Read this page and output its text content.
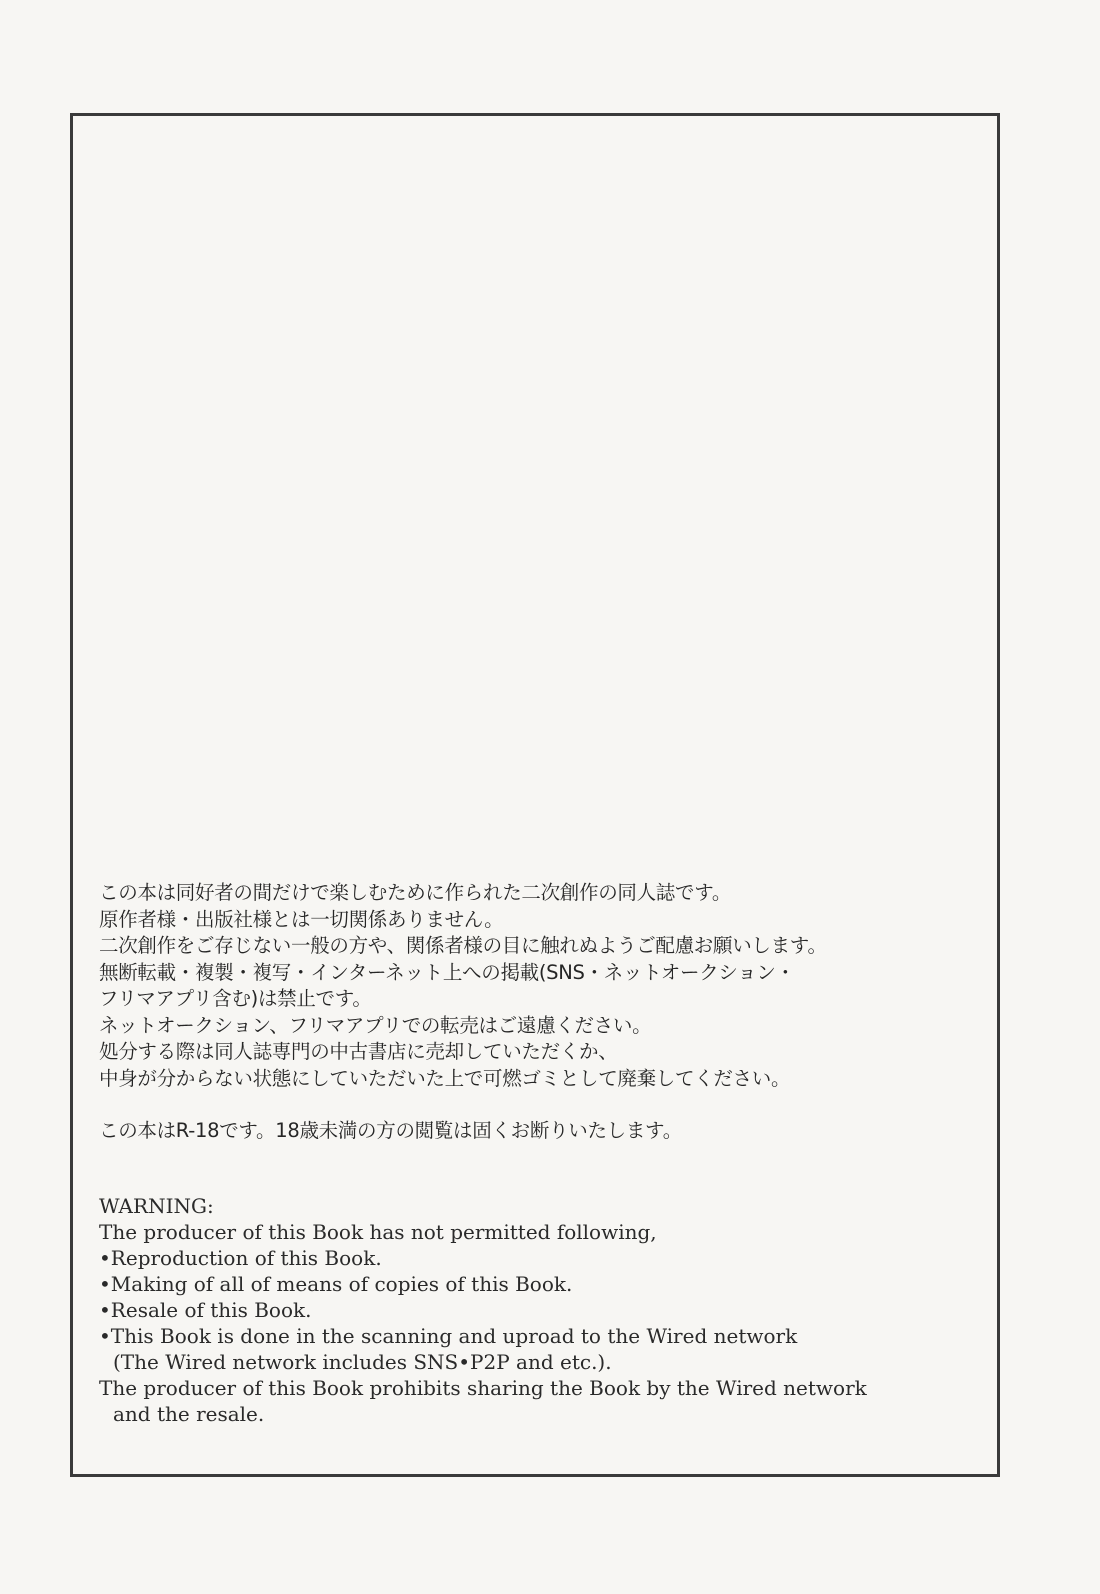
この本は同好者の間だけで楽しむために作られた二次創作の同人誌です。
原作者様・出版社様とは一切関係ありません。
二次創作をご存じない一般の方や、関係者様の目に触れぬようご配慮お願いします。
無断転載・複製・複写・インターネット上への掲載(SNS・ネットオークション・
フリマアプリ含む)は禁止です。
ネットオークション、フリマアプリでの転売はご遠慮ください。
処分する際は同人誌専門の中古書店に売却していただくか、
中身が分からない状態にしていただいた上で可燃ゴミとして廃棄してください。
この本はR-18です。18歳未満の方の閲覧は固くお断りいたします。
WARNING:
The producer of this Book has not permitted following,
•Reproduction of this Book.
•Making of all of means of copies of this Book.
•Resale of this Book.
•This Book is done in the scanning and uproad to the Wired network
(The Wired network includes SNS•P2P and etc.).
The producer of this Book prohibits sharing the Book by the Wired network
and the resale.
